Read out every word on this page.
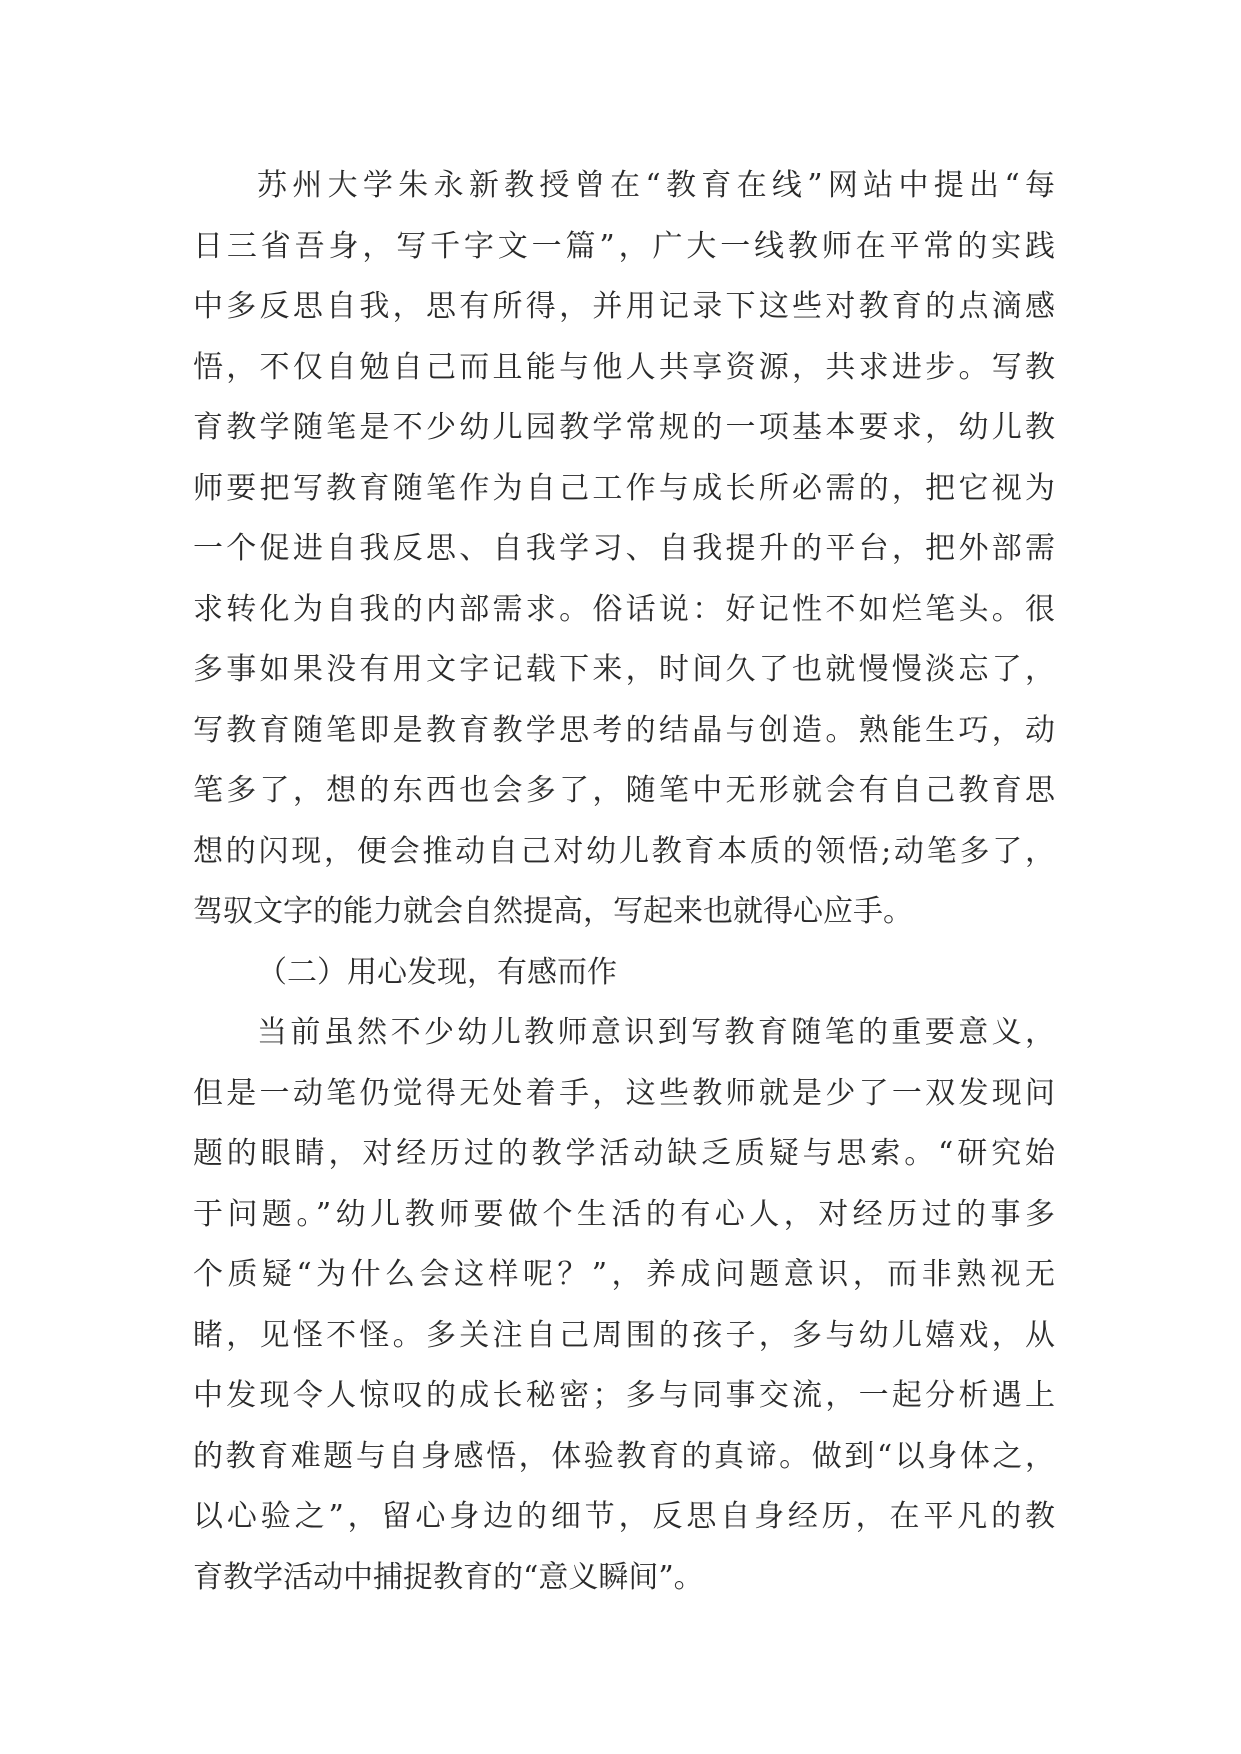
苏州大学朱永新教授曾在“教育在线”网站中提出“每
日三省吾身，写千字文一篇”，广大一线教师在平常的实践
中多反思自我，思有所得，并用记录下这些对教育的点滴感
悟，不仅自勉自己而且能与他人共享资源，共求进步。写教
育教学随笔是不少幼儿园教学常规的一项基本要求，幼儿教
师要把写教育随笔作为自己工作与成长所必需的，把它视为
一个促进自我反思、自我学习、自我提升的平台，把外部需
求转化为自我的内部需求。俗话说：好记性不如烂笔头。很
多事如果没有用文字记载下来，时间久了也就慢慢淡忘了，
写教育随笔即是教育教学思考的结晶与创造。熟能生巧，动
笔多了，想的东西也会多了，随笔中无形就会有自己教育思
想的闪现，便会推动自己对幼儿教育本质的领悟;动笔多了，
驾驭文字的能力就会自然提高，写起来也就得心应手。
（二）用心发现，有感而作
当前虽然不少幼儿教师意识到写教育随笔的重要意义，
但是一动笔仍觉得无处着手，这些教师就是少了一双发现问
题的眼睛，对经历过的教学活动缺乏质疑与思索。“研究始
于问题。”幼儿教师要做个生活的有心人，对经历过的事多
个质疑“为什么会这样呢？”，养成问题意识，而非熟视无
睹，见怪不怪。多关注自己周围的孩子，多与幼儿嬉戏，从
中发现令人惊叹的成长秘密；多与同事交流，一起分析遇上
的教育难题与自身感悟，体验教育的真谛。做到“以身体之，
以心验之”，留心身边的细节，反思自身经历，在平凡的教
育教学活动中捕捉教育的“意义瞬间”。
